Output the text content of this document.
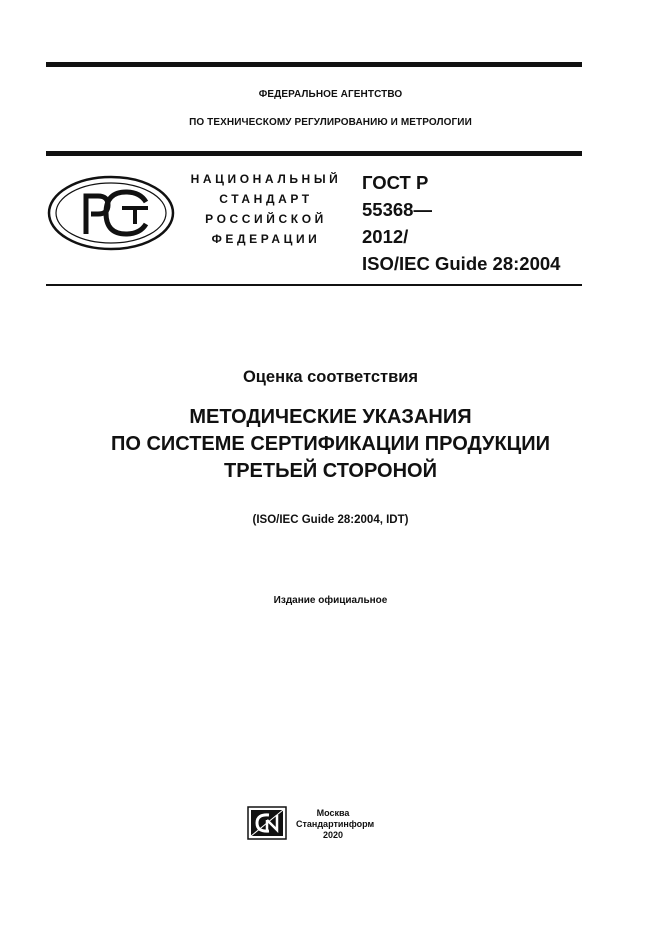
ФЕДЕРАЛЬНОЕ АГЕНТСТВО
ПО ТЕХНИЧЕСКОМУ РЕГУЛИРОВАНИЮ И МЕТРОЛОГИИ
НАЦИОНАЛЬНЫЙ
СТАНДАРТ
РОССИЙСКОЙ
ФЕДЕРАЦИИ
ГОСТ Р
55368—
2012/
ISO/IEC Guide 28:2004
Оценка соответствия
МЕТОДИЧЕСКИЕ УКАЗАНИЯ
ПО СИСТЕМЕ СЕРТИФИКАЦИИ ПРОДУКЦИИ
ТРЕТЬЕЙ СТОРОНОЙ
(ISO/IEC Guide 28:2004, IDT)
Издание официальное
Москва
Стандартинформ
2020
